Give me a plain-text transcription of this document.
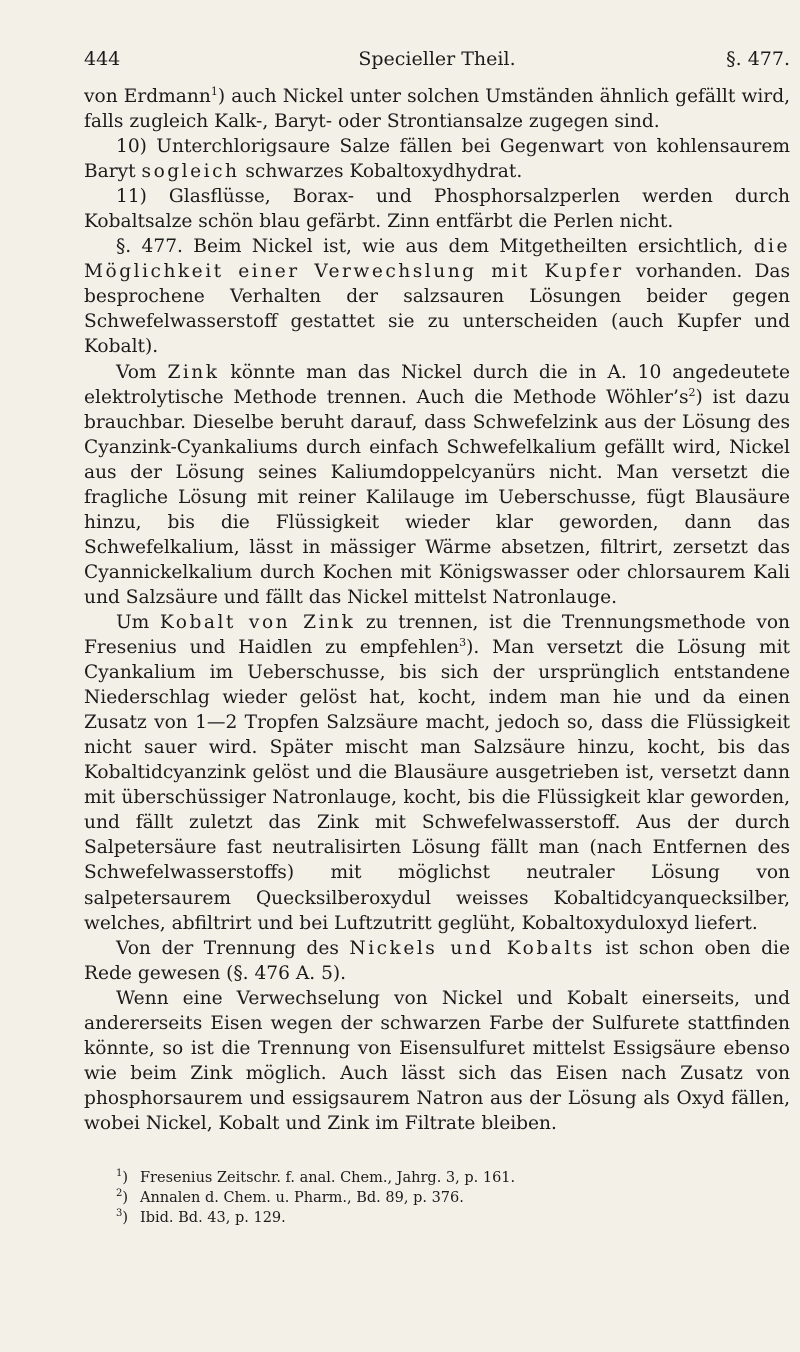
444	Specieller Theil.	§. 477.

von Erdmann$^1$) auch Nickel unter solchen Umständen ähnlich gefällt wird, falls zugleich Kalk-, Baryt- oder Strontiansalze zugegen sind.

10) Unterchlorigsaure Salze fällen bei Gegenwart von kohlensaurem Baryt sogleich schwarzes Kobaltoxydhydrat.

11) Glasflüsse, Borax- und Phosphorsalzperlen werden durch Kobaltsalze schön blau gefärbt. Zinn entfärbt die Perlen nicht.

§. 477. Beim Nickel ist, wie aus dem Mitgetheilten ersichtlich, die Möglichkeit einer Verwechslung mit Kupfer vorhanden. Das besprochene Verhalten der salzsauren Lösungen beider gegen Schwefelwasserstoff gestattet sie zu unterscheiden (auch Kupfer und Kobalt).

Vom Zink könnte man das Nickel durch die in A. 10 angedeutete elektrolytische Methode trennen. Auch die Methode $Wöhler’s^2$) ist dazu brauchbar. Dieselbe beruht darauf, dass Schwefelzink aus der Lösung des Cyanzink-Cyankaliums durch einfach Schwefelkalium gefällt wird, Nickel aus der Lösung seines Kaliumdoppelcyanürs nicht. Man versetzt die fragliche Lösung mit reiner Kalilauge im Ueberschusse, fügt Blausäure hinzu, bis die Flüssigkeit wieder klar geworden, dann das Schwefelkalium, lässt in mässiger Wärme absetzen, filtrirt, zersetzt das Cyannickelkalium durch Kochen mit Königswasser oder chlorsaurem Kali und Salzsäure und fällt das Nickel mittelst Natronlauge.

Um Kobalt von Zink zu trennen, ist die Trennungsmethode von Fresenius und Haidlen zu empfehlen$^3$). Man versetzt die Lösung mit Cyankalium im Ueberschusse, bis sich der ursprünglich entstandene Niederschlag wieder gelöst hat, kocht, indem man hie und da einen Zusatz von 1—2 Tropfen Salzsäure macht, jedoch so, dass die Flüssigkeit nicht sauer wird. Später mischt man Salzsäure hinzu, kocht, bis das Kobaltidcyanzink gelöst und die Blausäure ausgetrieben ist, versetzt dann mit überschüssiger Natronlauge, kocht, bis die Flüssigkeit klar geworden, und fällt zuletzt das Zink mit Schwefelwasserstoff. Aus der durch Salpetersäure fast neutralisirten Lösung fällt man (nach Entfernen des Schwefelwasserstoffs) mit möglichst neutraler Lösung von salpetersaurem Quecksilberoxydul weisses Kobaltidcyanquecksilber, welches, abfiltrirt und bei Luftzutritt geglüht, Kobaltoxyduloxyd liefert.

Von der Trennung des Nickels und Kobalts ist schon oben die Rede gewesen (§. 476 A. 5).

Wenn eine Verwechselung von Nickel und Kobalt einerseits, und andererseits Eisen wegen der schwarzen Farbe der Sulfurete stattfinden könnte, so ist die Trennung von Eisensulfuret mittelst Essigsäure ebenso wie beim Zink möglich. Auch lässt sich das Eisen nach Zusatz von phosphorsaurem und essigsaurem Natron aus der Lösung als Oxyd fällen, wobei Nickel, Kobalt und Zink im Filtrate bleiben.

$^1$) Fresenius Zeitschr. f. anal. Chem., Jahrg. 3, p. 161.

$^2$) Annalen d. Chem. u. Pharm., Bd. 89, p. 376.

$^3$) Ibid. Bd. 43, p. 129.
